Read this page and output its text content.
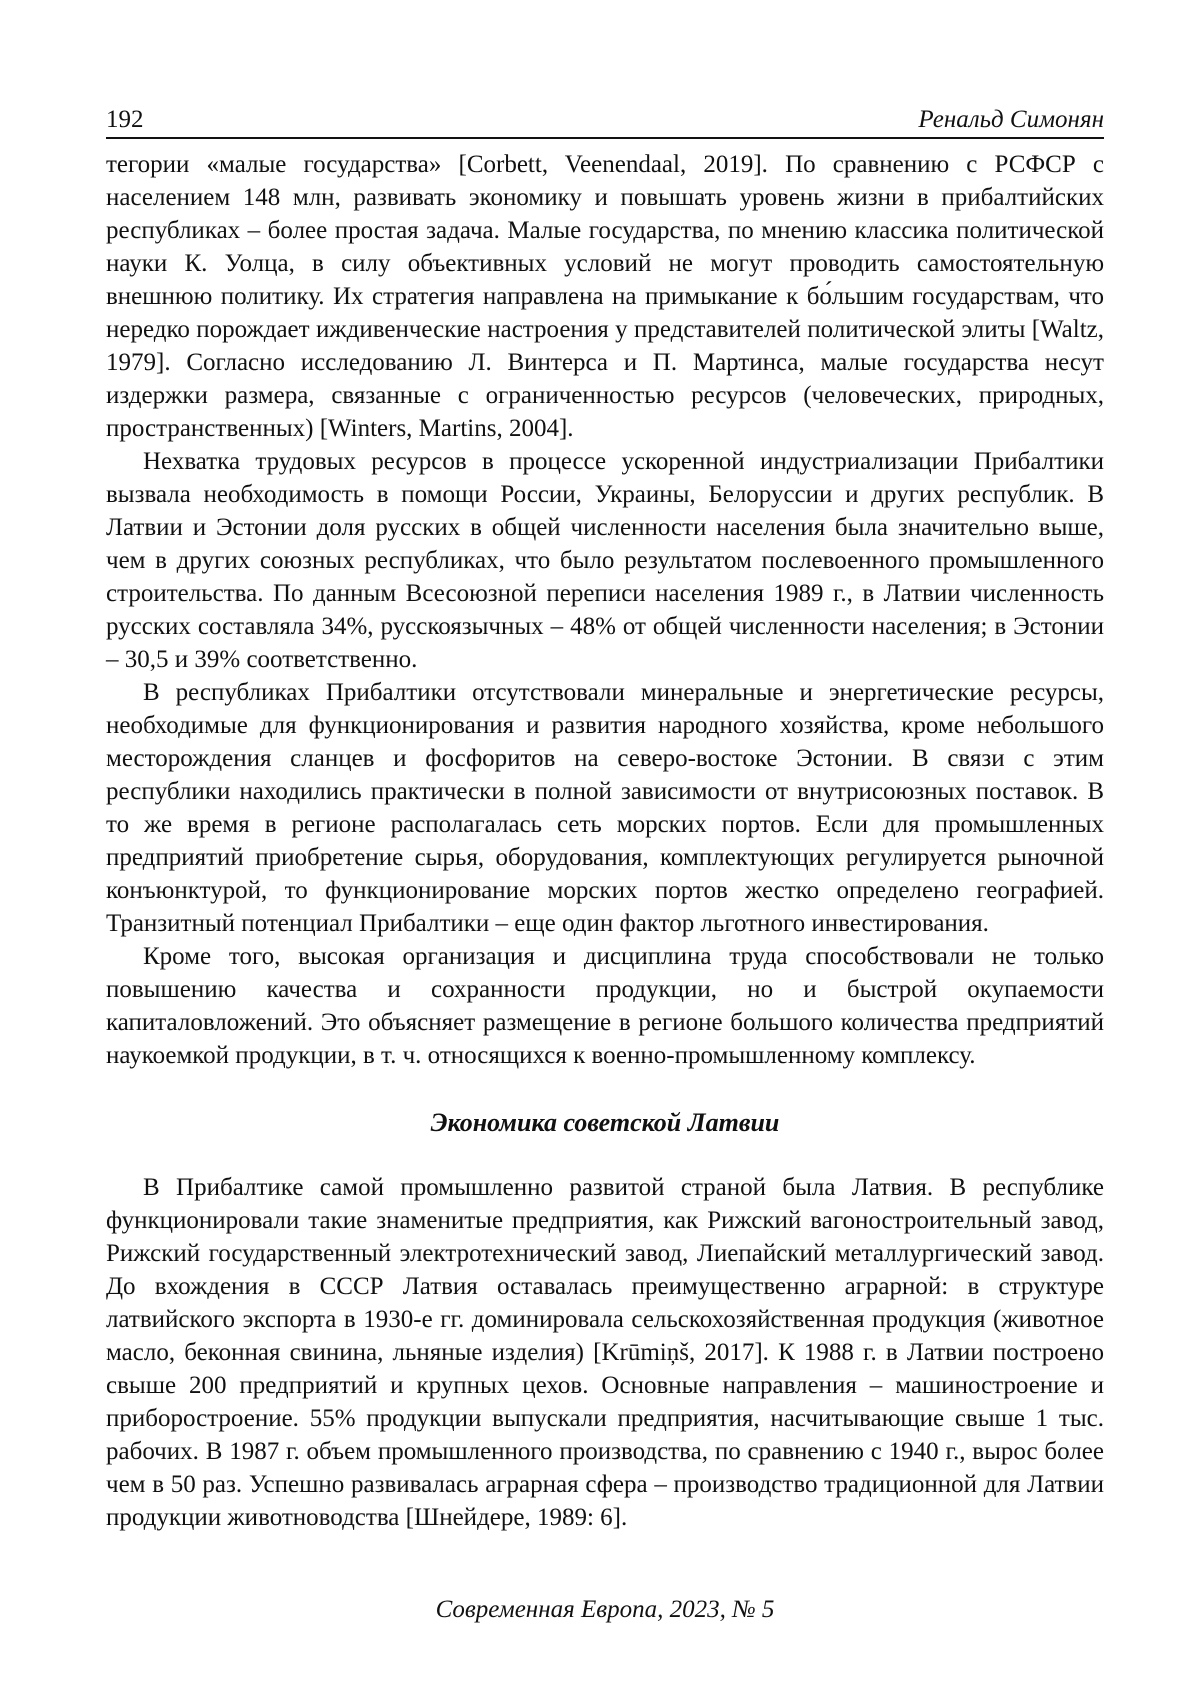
192	Ренальд Симонян

тегории «малые государства» [Corbett, Veenendaal, 2019]. По сравнению с РСФСР с населением 148 млн, развивать экономику и повышать уровень жизни в прибалтийских республиках – более простая задача. Малые государства, по мнению классика политической науки К. Уолца, в силу объективных условий не могут проводить самостоятельную внешнюю политику. Их стратегия направлена на примыкание к бо́льшим государствам, что нередко порождает иждивенческие настроения у представителей политической элиты [Waltz, 1979]. Согласно исследованию Л. Винтерса и П. Мартинса, малые государства несут издержки размера, связанные с ограниченностью ресурсов (человеческих, природных, пространственных) [Winters, Martins, 2004].

Нехватка трудовых ресурсов в процессе ускоренной индустриализации Прибалтики вызвала необходимость в помощи России, Украины, Белоруссии и других республик. В Латвии и Эстонии доля русских в общей численности населения была значительно выше, чем в других союзных республиках, что было результатом послевоенного промышленного строительства. По данным Всесоюзной переписи населения 1989 г., в Латвии численность русских составляла 34%, русскоязычных – 48% от общей численности населения; в Эстонии – 30,5 и 39% соответственно.

В республиках Прибалтики отсутствовали минеральные и энергетические ресурсы, необходимые для функционирования и развития народного хозяйства, кроме небольшого месторождения сланцев и фосфоритов на северо-востоке Эстонии. В связи с этим республики находились практически в полной зависимости от внутрисоюзных поставок. В то же время в регионе располагалась сеть морских портов. Если для промышленных предприятий приобретение сырья, оборудования, комплектующих регулируется рыночной конъюнктурой, то функционирование морских портов жестко определено географией. Транзитный потенциал Прибалтики – еще один фактор льготного инвестирования.

Кроме того, высокая организация и дисциплина труда способствовали не только повышению качества и сохранности продукции, но и быстрой окупаемости капиталовложений. Это объясняет размещение в регионе большого количества предприятий наукоемкой продукции, в т. ч. относящихся к военно-промышленному комплексу.

Экономика советской Латвии

В Прибалтике самой промышленно развитой страной была Латвия. В республике функционировали такие знаменитые предприятия, как Рижский вагоностроительный завод, Рижский государственный электротехнический завод, Лиепайский металлургический завод. До вхождения в СССР Латвия оставалась преимущественно аграрной: в структуре латвийского экспорта в 1930-е гг. доминировала сельскохозяйственная продукция (животное масло, беконная свинина, льняные изделия) [Krūmiņš, 2017]. К 1988 г. в Латвии построено свыше 200 предприятий и крупных цехов. Основные направления – машиностроение и приборостроение. 55% продукции выпускали предприятия, насчитывающие свыше 1 тыс. рабочих. В 1987 г. объем промышленного производства, по сравнению с 1940 г., вырос более чем в 50 раз. Успешно развивалась аграрная сфера – производство традиционной для Латвии продукции животноводства [Шнейдере, 1989: 6].

Современная Европа, 2023, № 5
